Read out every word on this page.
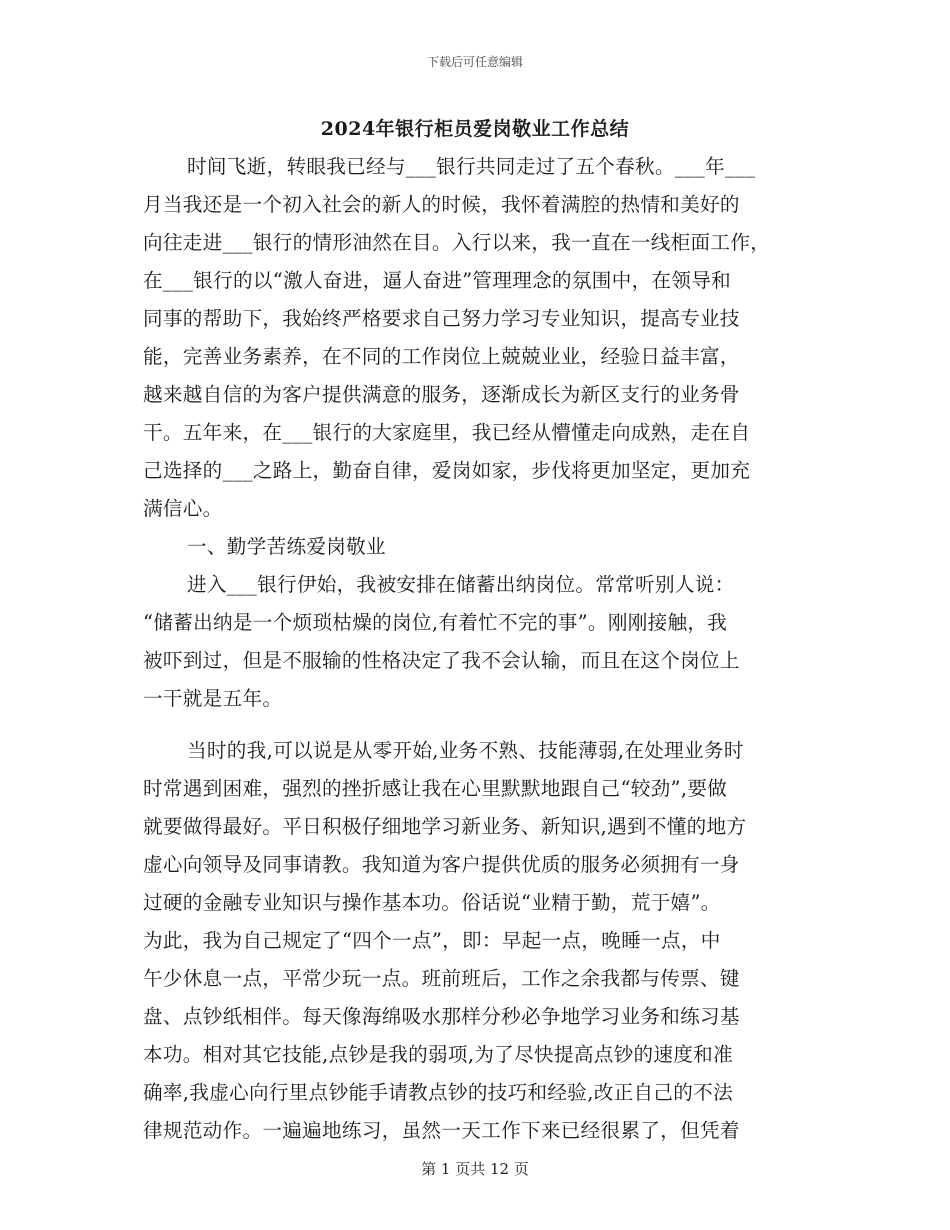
下载后可任意编辑
2024年银行柜员爱岗敬业工作总结
时间飞逝，转眼我已经与___银行共同走过了五个春秋。___年___
月当我还是一个初入社会的新人的时候，我怀着满腔的热情和美好的
向往走进___银行的情形油然在目。入行以来，我一直在一线柜面工作，
在___银行的以“激人奋进，逼人奋进”管理理念的氛围中，在领导和
同事的帮助下，我始终严格要求自己努力学习专业知识，提高专业技
能，完善业务素养，在不同的工作岗位上兢兢业业，经验日益丰富，
越来越自信的为客户提供满意的服务，逐渐成长为新区支行的业务骨
干。五年来，在___银行的大家庭里，我已经从懵懂走向成熟，走在自
己选择的___之路上，勤奋自律，爱岗如家，步伐将更加坚定，更加充
满信心。
一、勤学苦练爱岗敬业
进入___银行伊始，我被安排在储蓄出纳岗位。常常听别人说：
“储蓄出纳是一个烦琐枯燥的岗位,有着忙不完的事”。刚刚接触，我
被吓到过，但是不服输的性格决定了我不会认输，而且在这个岗位上
一干就是五年。
当时的我,可以说是从零开始,业务不熟、技能薄弱,在处理业务时
时常遇到困难，强烈的挫折感让我在心里默默地跟自己“较劲”,要做
就要做得最好。平日积极仔细地学习新业务、新知识,遇到不懂的地方
虚心向领导及同事请教。我知道为客户提供优质的服务必须拥有一身
过硬的金融专业知识与操作基本功。俗话说“业精于勤，荒于嬉”。
为此，我为自己规定了“四个一点”，即：早起一点，晚睡一点，中
午少休息一点，平常少玩一点。班前班后，工作之余我都与传票、键
盘、点钞纸相伴。每天像海绵吸水那样分秒必争地学习业务和练习基
本功。相对其它技能,点钞是我的弱项,为了尽快提高点钞的速度和准
确率,我虚心向行里点钞能手请教点钞的技巧和经验,改正自己的不法
律规范动作。一遍遍地练习，虽然一天工作下来已经很累了，但凭着
第 1 页共 12 页
